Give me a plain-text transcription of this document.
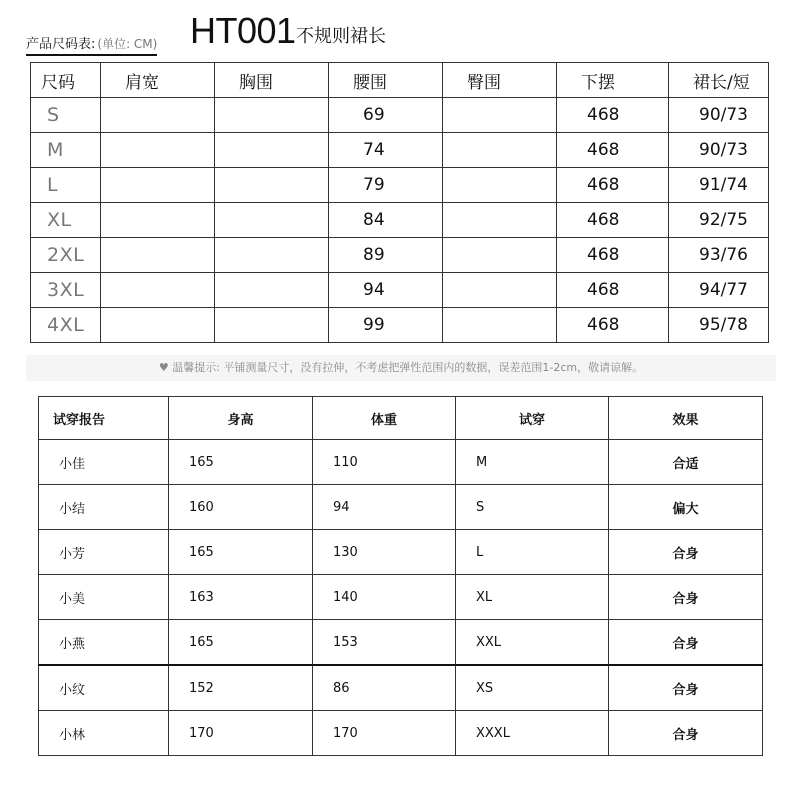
产品尺码表: (单位: CM) HT001 不规则裙长
尺码	肩宽	胸围	腰围	臀围	下摆	裙长/短
S			69		468	90/73
M			74		468	90/73
L			79		468	91/74
XL			84		468	92/75
2XL			89		468	93/76
3XL			94		468	94/77
4XL			99		468	95/78
♥ 温馨提示: 平铺测量尺寸，没有拉伸，不考虑把弹性范围内的数据，误差范围1-2cm，敬请谅解。
试穿报告	身高	体重	试穿	效果
小佳	165	110	M	合适
小结	160	94	S	偏大
小芳	165	130	L	合身
小美	163	140	XL	合身
小燕	165	153	XXL	合身
小纹	152	86	XS	合身
小林	170	170	XXXL	合身
